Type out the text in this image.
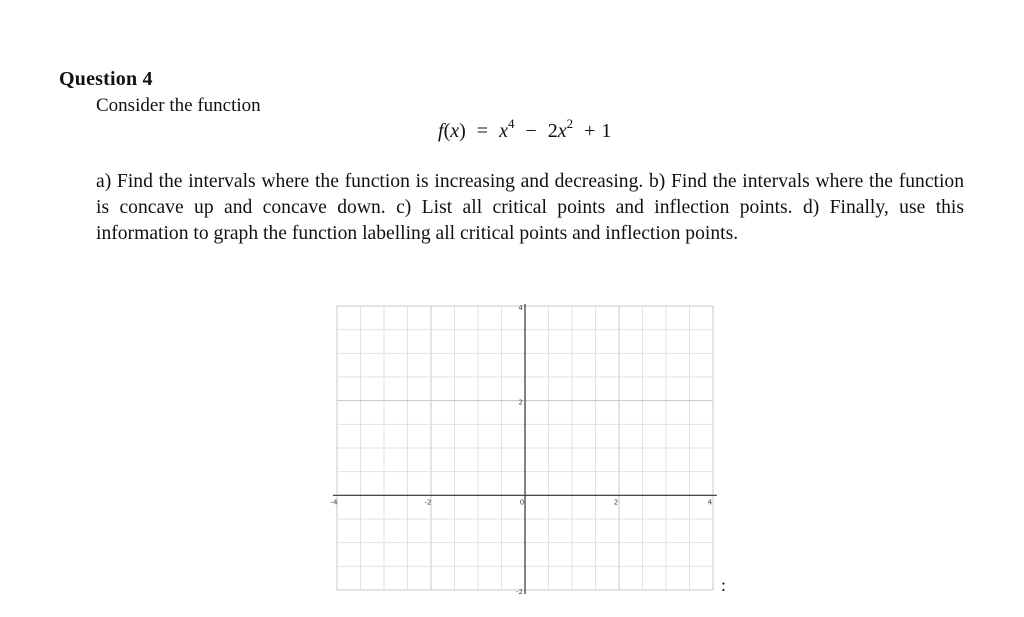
Question 4
Consider the function
$f(x) = x^4 - 2x^2 + 1$
a) Find the intervals where the function is increasing and decreasing. b) Find the intervals where the function is concave up and concave down. c) List all critical points and inflection points. d) Finally, use this information to graph the function labelling all critical points and inflection points.
-4	-2	0	2	4
4
2
-2	:
